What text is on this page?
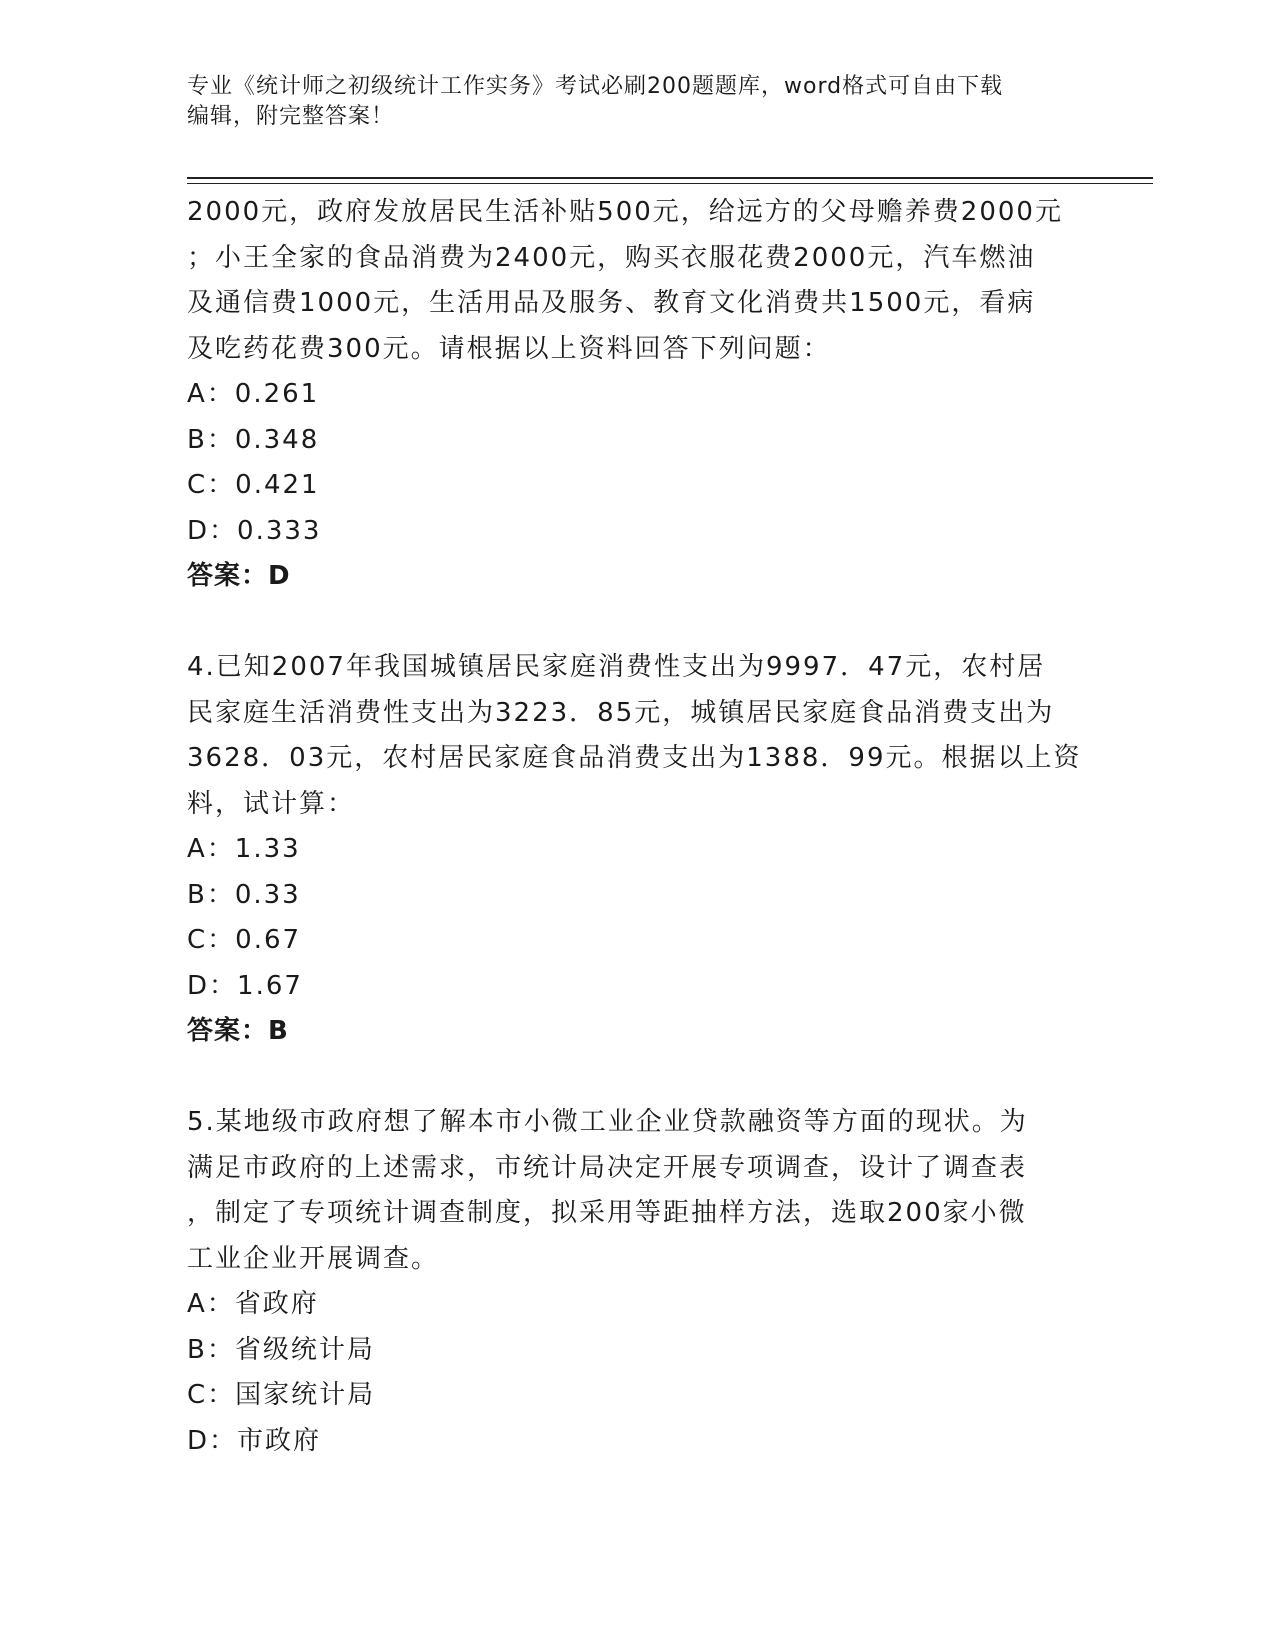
专业《统计师之初级统计工作实务》考试必刷200题题库，word格式可自由下载
编辑，附完整答案！
2000元，政府发放居民生活补贴500元，给远方的父母赡养费2000元
；小王全家的食品消费为2400元，购买衣服花费2000元，汽车燃油
及通信费1000元，生活用品及服务、教育文化消费共1500元，看病
及吃药花费300元。请根据以上资料回答下列问题：
A：0.261
B：0.348
C：0.421
D：0.333
答案：D
4.已知2007年我国城镇居民家庭消费性支出为9997．47元，农村居
民家庭生活消费性支出为3223．85元，城镇居民家庭食品消费支出为
3628．03元，农村居民家庭食品消费支出为1388．99元。根据以上资
料，试计算：
A：1.33
B：0.33
C：0.67
D：1.67
答案：B
5.某地级市政府想了解本市小微工业企业贷款融资等方面的现状。为
满足市政府的上述需求，市统计局决定开展专项调查，设计了调查表
，制定了专项统计调查制度，拟采用等距抽样方法，选取200家小微
工业企业开展调查。
A：省政府
B：省级统计局
C：国家统计局
D：市政府
